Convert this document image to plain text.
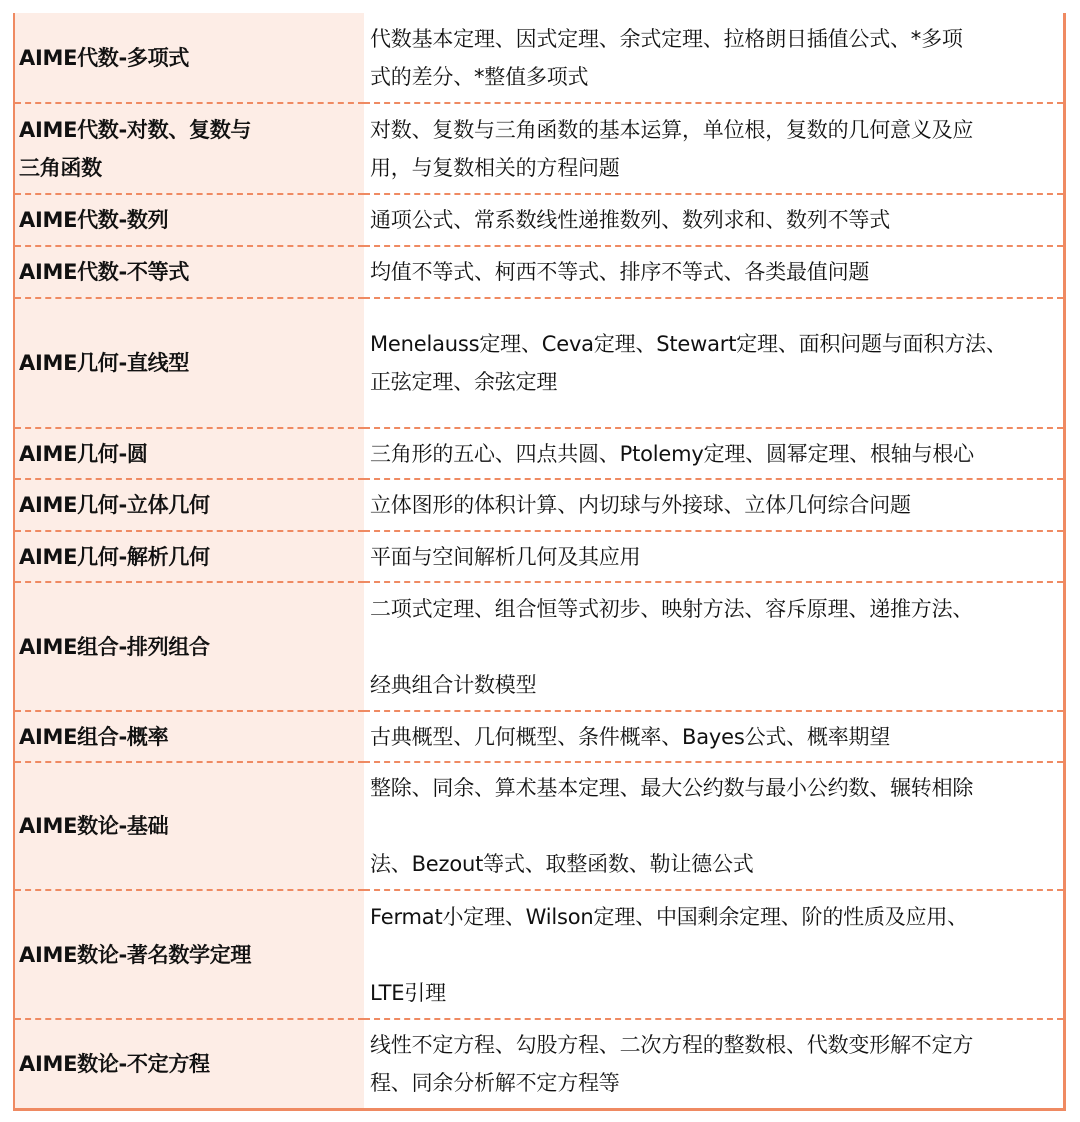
AIME代数-多项式	代数基本定理、因式定理、余式定理、拉格朗日插值公式、*多项
式的差分、*整值多项式

AIME代数-对数、复数与
三角函数	对数、复数与三角函数的基本运算，单位根，复数的几何意义及应
用，与复数相关的方程问题

AIME代数-数列	通项公式、常系数线性递推数列、数列求和、数列不等式

AIME代数-不等式	均值不等式、柯西不等式、排序不等式、各类最值问题

AIME几何-直线型	Menelauss定理、Ceva定理、Stewart定理、面积问题与面积方法、
正弦定理、余弦定理

AIME几何-圆	三角形的五心、四点共圆、Ptolemy定理、圆幂定理、根轴与根心

AIME几何-立体几何	立体图形的体积计算、内切球与外接球、立体几何综合问题

AIME几何-解析几何	平面与空间解析几何及其应用

AIME组合-排列组合	二项式定理、组合恒等式初步、映射方法、容斥原理、递推方法、
经典组合计数模型

AIME组合-概率	古典概型、几何概型、条件概率、Bayes公式、概率期望

AIME数论-基础	整除、同余、算术基本定理、最大公约数与最小公约数、辗转相除
法、Bezout等式、取整函数、勒让德公式

AIME数论-著名数学定理	Fermat小定理、Wilson定理、中国剩余定理、阶的性质及应用、
LTE引理

AIME数论-不定方程	线性不定方程、勾股方程、二次方程的整数根、代数变形解不定方
程、同余分析解不定方程等
